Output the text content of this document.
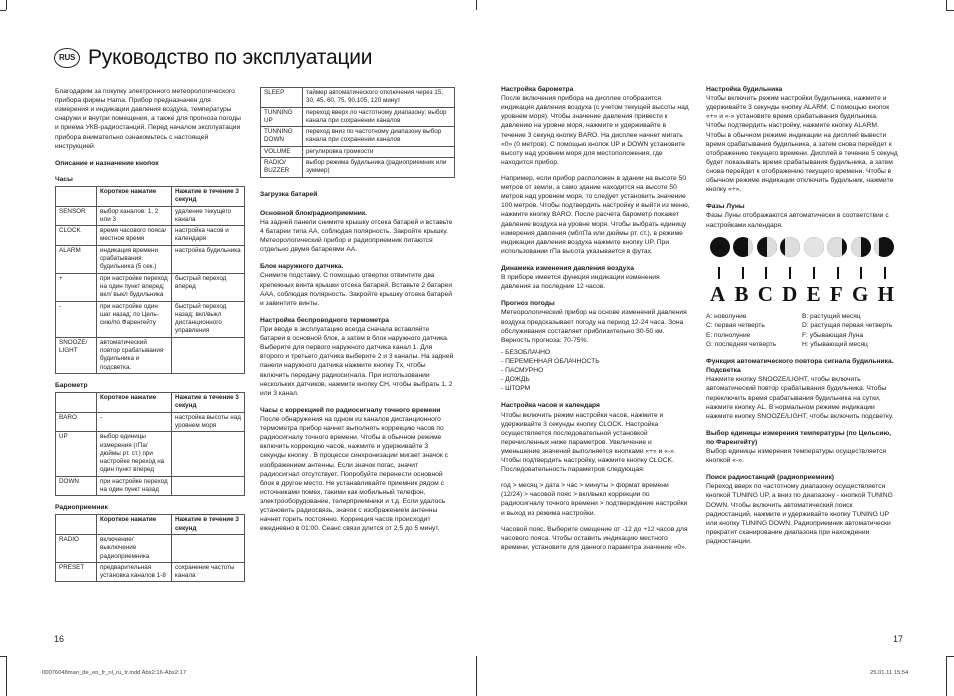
RUS Руководство по эксплуатации

Благодарим за покупку электронного метеорологического прибора фирмы Hama. Прибор предназначен для измерения и индикации давления воздуха, температуры снаружи и внутри помещения, а также для прогноза погоды и приема УКВ-радиостанций. Перед началом эксплуатации прибора внимательно ознакомьтесь с настоящей инструкцией.

Описание и назначение кнопок
Часы
	Короткое нажатие	Нажатие в течение 3 секунд
SENSOR	выбор каналов: 1, 2 или 3	удаление текущего канала
CLOCK	время часового пояса/ местное время	настройка часов и календаря
ALARM	индикация времени срабатывания будильника (5 сек.)	настройка будильника
+	при настройке переход на один пункт вперед; вкл/ выкл будильника	быстрый переход вперед
-	при настройке один шаг назад; по Цель-сию/по Фаренгейту	быстрый переход назад; вкл/выкл дистанционного управления
SNOOZE/ LIGHT	автоматический повтор срабатывания будильника и подсветка.	
Барометр
	Короткое нажатие	Нажатие в течение 3 секунд
BARO	-	настройка высоты над уровнем моря
UP	выбор единицы измерения (гПа/ дюймы рт. ст.) при настройке переход на один пункт вперед	
DOWN	при настройке переход на один пункт назад	
Радиоприемник
	Короткое нажатие	Нажатие в течение 3 секунд
RADIO	включение/выключение радиоприемника	
PRESET	предварительная установка каналов 1-8	сохранение частоты канала
SLEEP	таймер автоматического отключения через 15, 30, 45, 60, 75, 90,105, 120 минут
TUNNING UP	переход вверх по частотному диапазону; выбор канала при сохранении каналов
TUNNING DOWN	переход вниз по частотному диапазону выбор канала при сохранении каналов
VOLUME	регулировка громкости
RADIO/ BUZZER	выбор режима будильника (радиоприемник или зуммер)
Загрузка батарей
Основной блок/радиоприемник.

На задней панели снимите крышку отсека батарей и вставьте 4 батареи типа AA, соблюдая полярность. Закройте крышку. Метеорологический прибор и радиоприемник питаются отдельно двумя батареями AA.

Блок наружного датчика.

Снимите подставку. С помощью отвертки отвинтите два крепежных винта крышки отсека батарей. Вставьте 2 батареи AAA, соблюдая полярность. Закройте крышку отсека батарей и завинтите винты.

Настройка беспроводного термометра

При вводе в эксплуатацию всегда сначала вставляйте батареи в основной блок, а затем в блок наружного датчика. Выберите для первого наружного датчика канал 1. Для второго и третьего датчика выберите 2 и 3 каналы. На задней панели наружного датчика нажмите кнопку Tx, чтобы включить передачу радиосигнала. При использовании нескольких датчиков, нажмите кнопку CH, чтобы выбрать 1, 2 или 3 канал.

Часы с коррекцией по радиосигналу точного времени

После обнаружения на одном из каналов дистанционного термометра прибор начнет выполнять коррекцию часов по радиосигналу точного времени. Чтобы в обычном режиме включить коррекцию часов, нажмите и удерживайте 3 секунды кнопку . В процессе синхронизации мигает значок с изображением антенны. Если значок погас, значит радиосигнал отсутствует. Попробуйте перенести основной блок в другое место. Не устанавливайте приемник рядом с источниками помех, такими как мобильный телефон, электрооборудование, телерприемники и т.д. Если удалось установить радиосвязь, значок с изображением антенны начнет гореть постоянно. Коррекция часов происходит ежедневно в 01:00. Сеанс связи длится от 2,5 до 5 минут.

Настройка барометра

После включения прибора на дисплее отобразится индикация давления воздуха (с учетом текущей высоты над уровнем моря). Чтобы значение давления привести к давлению на уровне моря, нажмите и удерживайте в течение 3 секунд кнопку BARO. На дисплее начнет мигать «0» (0 метров). С помощью кнопок UP и DOWN установите высоту над уровнем моря для местоположения, где находится прибор.

Например, если прибор расположен в здании на высоте 50 метров от земли, а само здание находится на высоте 50 метров над уровнем моря, то следует установить значение 100 метров. Чтобы подтвердить настройку и выйти из меню, нажмите кнопку BARO. После расчета барометр покажет давление воздуха на уровне моря. Чтобы выбрать единицу измерения давления (мб/гПа или дюймы рт. ст.), в режиме индикации давления воздуха нажмите кнопку UP. При использовании гПа высота указывается в футах.

Динамика изменения давления воздуха

В приборе имеется функция индикации изменения давления за последние 12 часов.

Прогноз погоды

Метеорологический прибор на основе изменений давления воздуха предсказывает погоду на период 12-24 часа. Зона обслуживания составляет приблизительно 30-50 км. Верность прогноза: 70-75%.

- БЕЗОБЛАЧНО
- ПЕРЕМЕННАЯ ОБЛАЧНОСТЬ
- ПАСМУРНО
- ДОЖДЬ
- ШТОРМ
Настройка часов и календаря

Чтобы включить режим настройки часов, нажмите и удерживайте 3 секунды кнопку CLOCK. Настройка осуществляется последовательной установкой перечисленных ниже параметров. Увеличение и уменьшение значений выполняется кнопками «+» и «-». Чтобы подтвердить настройку, нажмите кнопку CLOCK. Последовательность параметров следующая:

год > месяц > дата > час > минуты > формат времени (12/24) > часовой пояс > вкл/выкл коррекции по радиосигналу точного времени > подтверждение настройки и выход из режима настройки.

Часовой пояс. Выберите смещение от -12 до +12 часов для часового пояса. Чтобы оставить индикацию местного времени, установите для данного параметра значение «0».

Настройка будильника

Чтобы включить режим настройки будильника, нажмите и удерживайте 3 секунды кнопку ALARM. С помощью кнопок «+» и «-» установите время срабатывания будильника. Чтобы подтвердить настройку, нажмите кнопку ALARM. Чтобы в обычном режиме индикации на дисплей вывести время срабатывания будильника, а затем снова перейдет к отображению текущего времени. Дисплей в течение 5 секунд будет показывать время срабатывания будильника, а затем снова перейдет к отображению текущего времени. Чтобы в обычном режиме индикации отключить будильник, нажмите кнопку «+».

Фазы Луны

Фазы Луны отображаются автоматически в соответствии с настройками календаря.

A B C D E F G H
A: новолуние	B: растущий месяц
C: первая четверть	D: растущая первая четверть
E: полнолуние	F: убывающая Луна
G: последняя четверть	H: убывающий месяц
Функция автоматического повтора сигнала будильника. Подсветка

Нажмите кнопку SNOOZE/LIGHT, чтобы включить автоматический повтор срабатывания будильника. Чтобы переключить время срабатывания будильника на сутки, нажмите кнопку AL. В нормальном режиме индикации нажмите кнопку SNOOZE/LIGHT, чтобы включить подсветку.

Выбор единицы измерения температуры (по Цельсию, по Фаренгейту)

Выбор единицы измерения температуры осуществляется кнопкой «-».

Поиск радиостанций (радиоприемник)

Переход вверх по частотному диапазону осуществляется кнопкой TUNING UP, а вниз по диапазону - кнопкой TUNING DOWN. Чтобы включить автоматический поиск радиостанций, нажмите и удерживайте кнопку TUNING UP или кнопку TUNING DOWN. Радиоприемник автоматически прекратит сканирование диапазона при нахождении радиостанции.

16	17
00076048man_de_en_fr_nl_ru_tr.indd Abs2:16-Abs2:17	25.01.11 15:54
